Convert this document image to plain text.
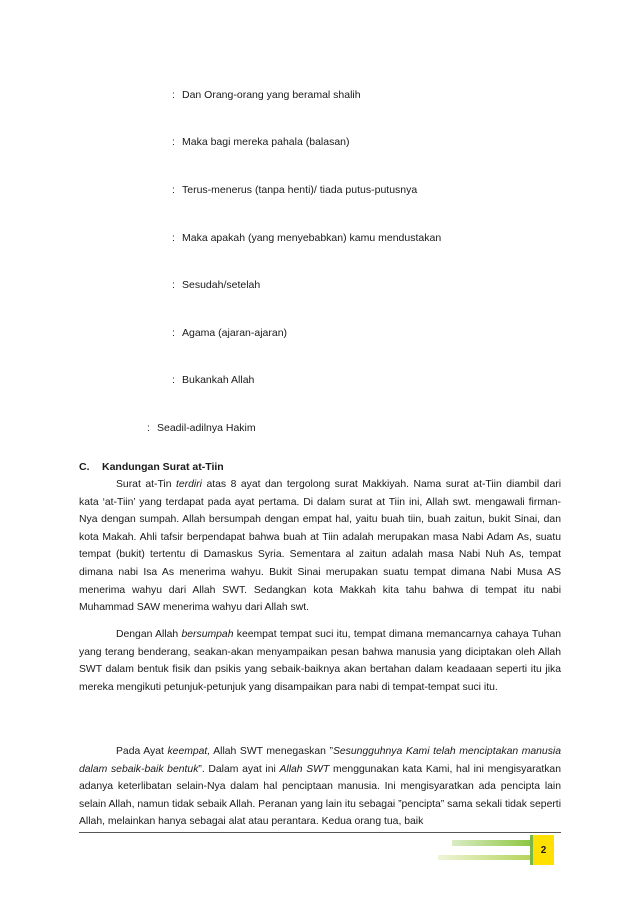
: Dan Orang-orang yang beramal shalih

: Maka bagi mereka pahala (balasan)

: Terus-menerus (tanpa henti)/ tiada putus-putusnya

: Maka apakah (yang menyebabkan) kamu mendustakan

: Sesudah/setelah

: Agama (ajaran-ajaran)

: Bukankah Allah

: Seadil-adilnya Hakim

C. Kandungan Surat at-Tiin

Surat at-Tin terdiri atas 8 ayat dan tergolong surat Makkiyah. Nama surat at-Tiin diambil dari kata ‘at-Tiin’ yang terdapat pada ayat pertama. Di dalam surat at Tiin ini, Allah swt. mengawali firman-Nya dengan sumpah. Allah bersumpah dengan empat hal, yaitu buah tiin, buah zaitun, bukit Sinai, dan kota Makah. Ahli tafsir berpendapat bahwa buah at Tiin adalah merupakan masa Nabi Adam As, suatu tempat (bukit) tertentu di Damaskus Syria. Sementara al zaitun adalah masa Nabi Nuh As, tempat dimana nabi Isa As menerima wahyu. Bukit Sinai merupakan suatu tempat dimana Nabi Musa AS menerima wahyu dari Allah SWT. Sedangkan kota Makkah kita tahu bahwa di tempat itu nabi Muhammad SAW menerima wahyu dari Allah swt.

Dengan Allah bersumpah keempat tempat suci itu, tempat dimana memancarnya cahaya Tuhan yang terang benderang, seakan-akan menyampaikan pesan bahwa manusia yang diciptakan oleh Allah SWT dalam bentuk fisik dan psikis yang sebaik-baiknya akan bertahan dalam keadaaan seperti itu jika mereka mengikuti petunjuk-petunjuk yang disampaikan para nabi di tempat-tempat suci itu.

Pada Ayat keempat, Allah SWT menegaskan ”Sesungguhnya Kami telah menciptakan manusia dalam sebaik-baik bentuk”. Dalam ayat ini Allah SWT menggunakan kata Kami, hal ini mengisyaratkan adanya keterlibatan selain-Nya dalam hal penciptaan manusia. Ini mengisyaratkan ada pencipta lain selain Allah, namun tidak sebaik Allah. Peranan yang lain itu sebagai ”pencipta” sama sekali tidak seperti Allah, melainkan hanya sebagai alat atau perantara. Kedua orang tua, baik

2
